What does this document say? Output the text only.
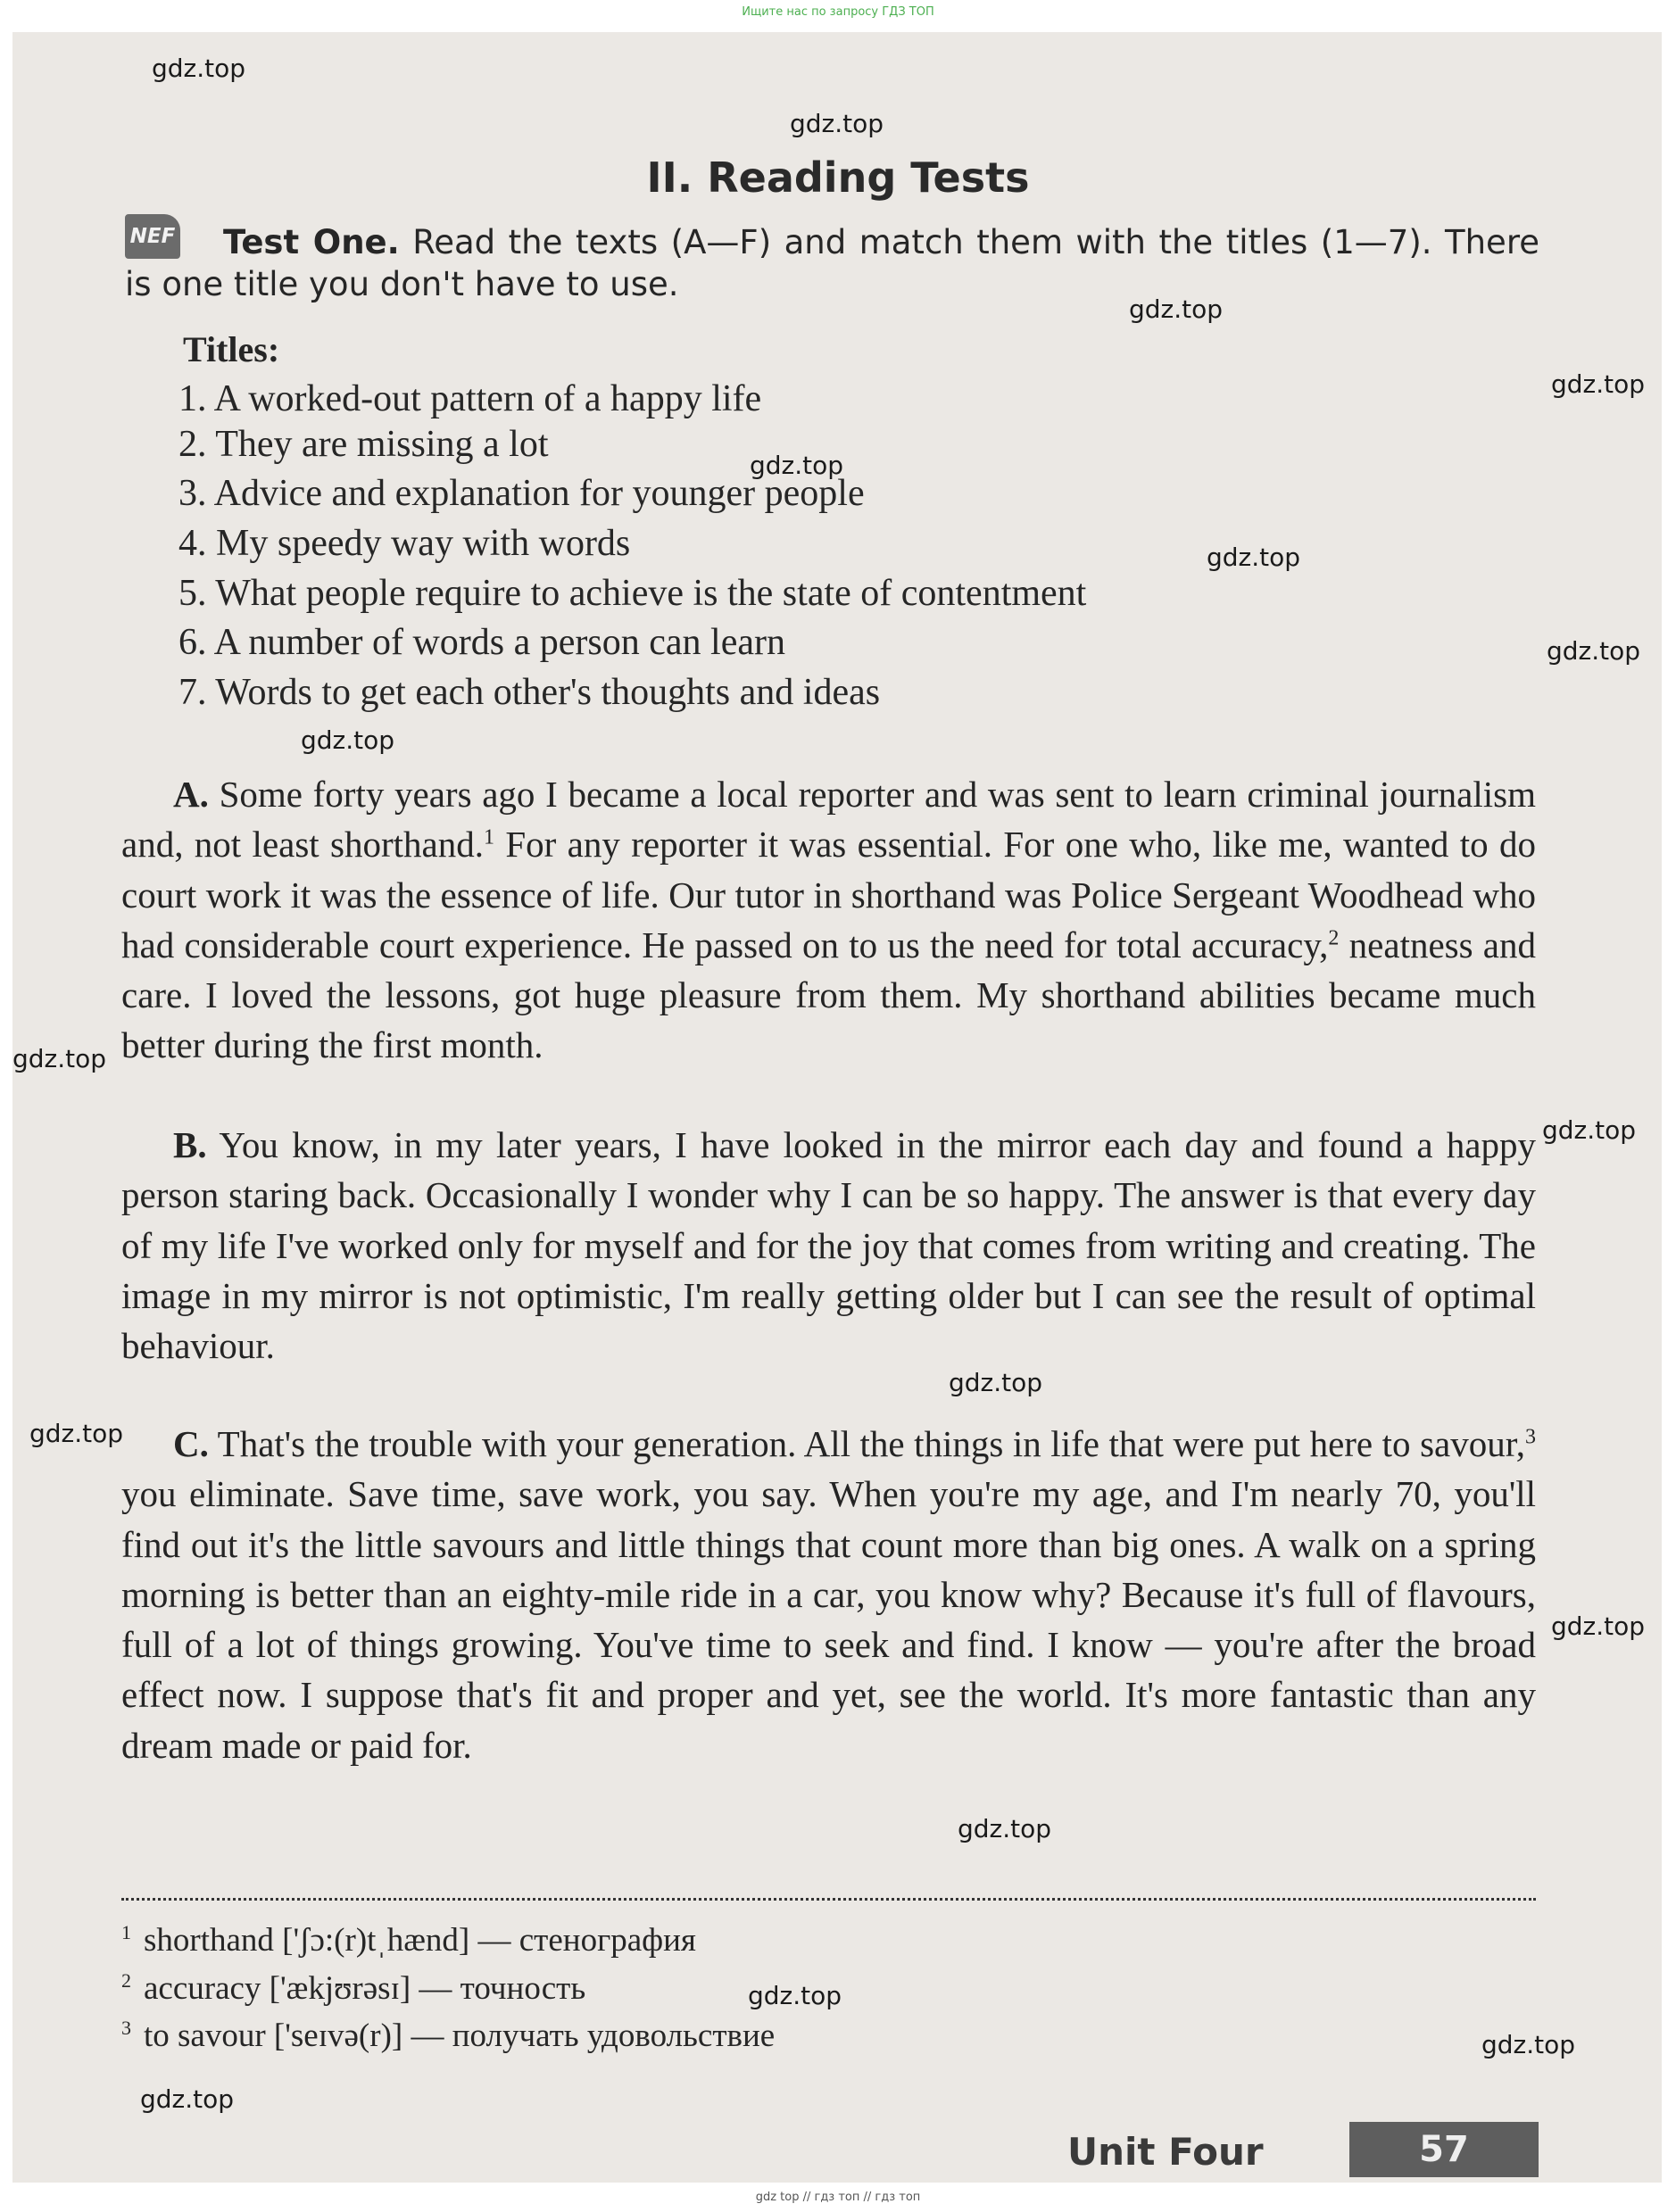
Ищите нас по запросу ГДЗ ТОП
II. Reading Tests
NEF	Test One. Read the texts (A—F) and match them with the titles (1—7). There is one title you don't have to use.
Titles:
1. A worked-out pattern of a happy life
2. They are missing a lot
3. Advice and explanation for younger people
4. My speedy way with words
5. What people require to achieve is the state of contentment
6. A number of words a person can learn
7. Words to get each other's thoughts and ideas
A. Some forty years ago I became a local reporter and was sent to learn criminal journalism and, not least shorthand.$^1$ For any reporter it was essential. For one who, like me, wanted to do court work it was the essence of life. Our tutor in shorthand was Police Sergeant Woodhead who had considerable court experience. He passed on to us the need for total accuracy,$^2$ neatness and care. I loved the lessons, got huge pleasure from them. My shorthand abilities became much better during the first month.
B. You know, in my later years, I have looked in the mirror each day and found a happy person staring back. Occasionally I wonder why I can be so happy. The answer is that every day of my life I've worked only for myself and for the joy that comes from writing and creating. The image in my mirror is not optimistic, I'm really getting older but I can see the result of optimal behaviour.
C. That's the trouble with your generation. All the things in life that were put here to savour,$^3$ you eliminate. Save time, save work, you say. When you're my age, and I'm nearly 70, you'll find out it's the little savours and little things that count more than big ones. A walk on a spring morning is better than an eighty-mile ride in a car, you know why? Because it's full of flavours, full of a lot of things growing. You've time to seek and find. I know — you're after the broad effect now. I suppose that's fit and proper and yet, see the world. It's more fantastic than any dream made or paid for.
$^1$ shorthand ['ʃɔ:(r)tˌhænd] — стенография
$^2$ accuracy ['ækjʊrəsɪ] — точность
$^3$ to savour ['seɪvə(r)] — получать удовольствие
Unit Four	57
gdz.top
gdz.top
gdz.top
gdz.top
gdz.top
gdz.top
gdz.top
gdz.top
gdz.top
gdz.top
gdz.top
gdz.top
gdz.top
gdz.top
gdz.top
gdz.top
gdz.top
gdz top // гдз топ // гдз топ
